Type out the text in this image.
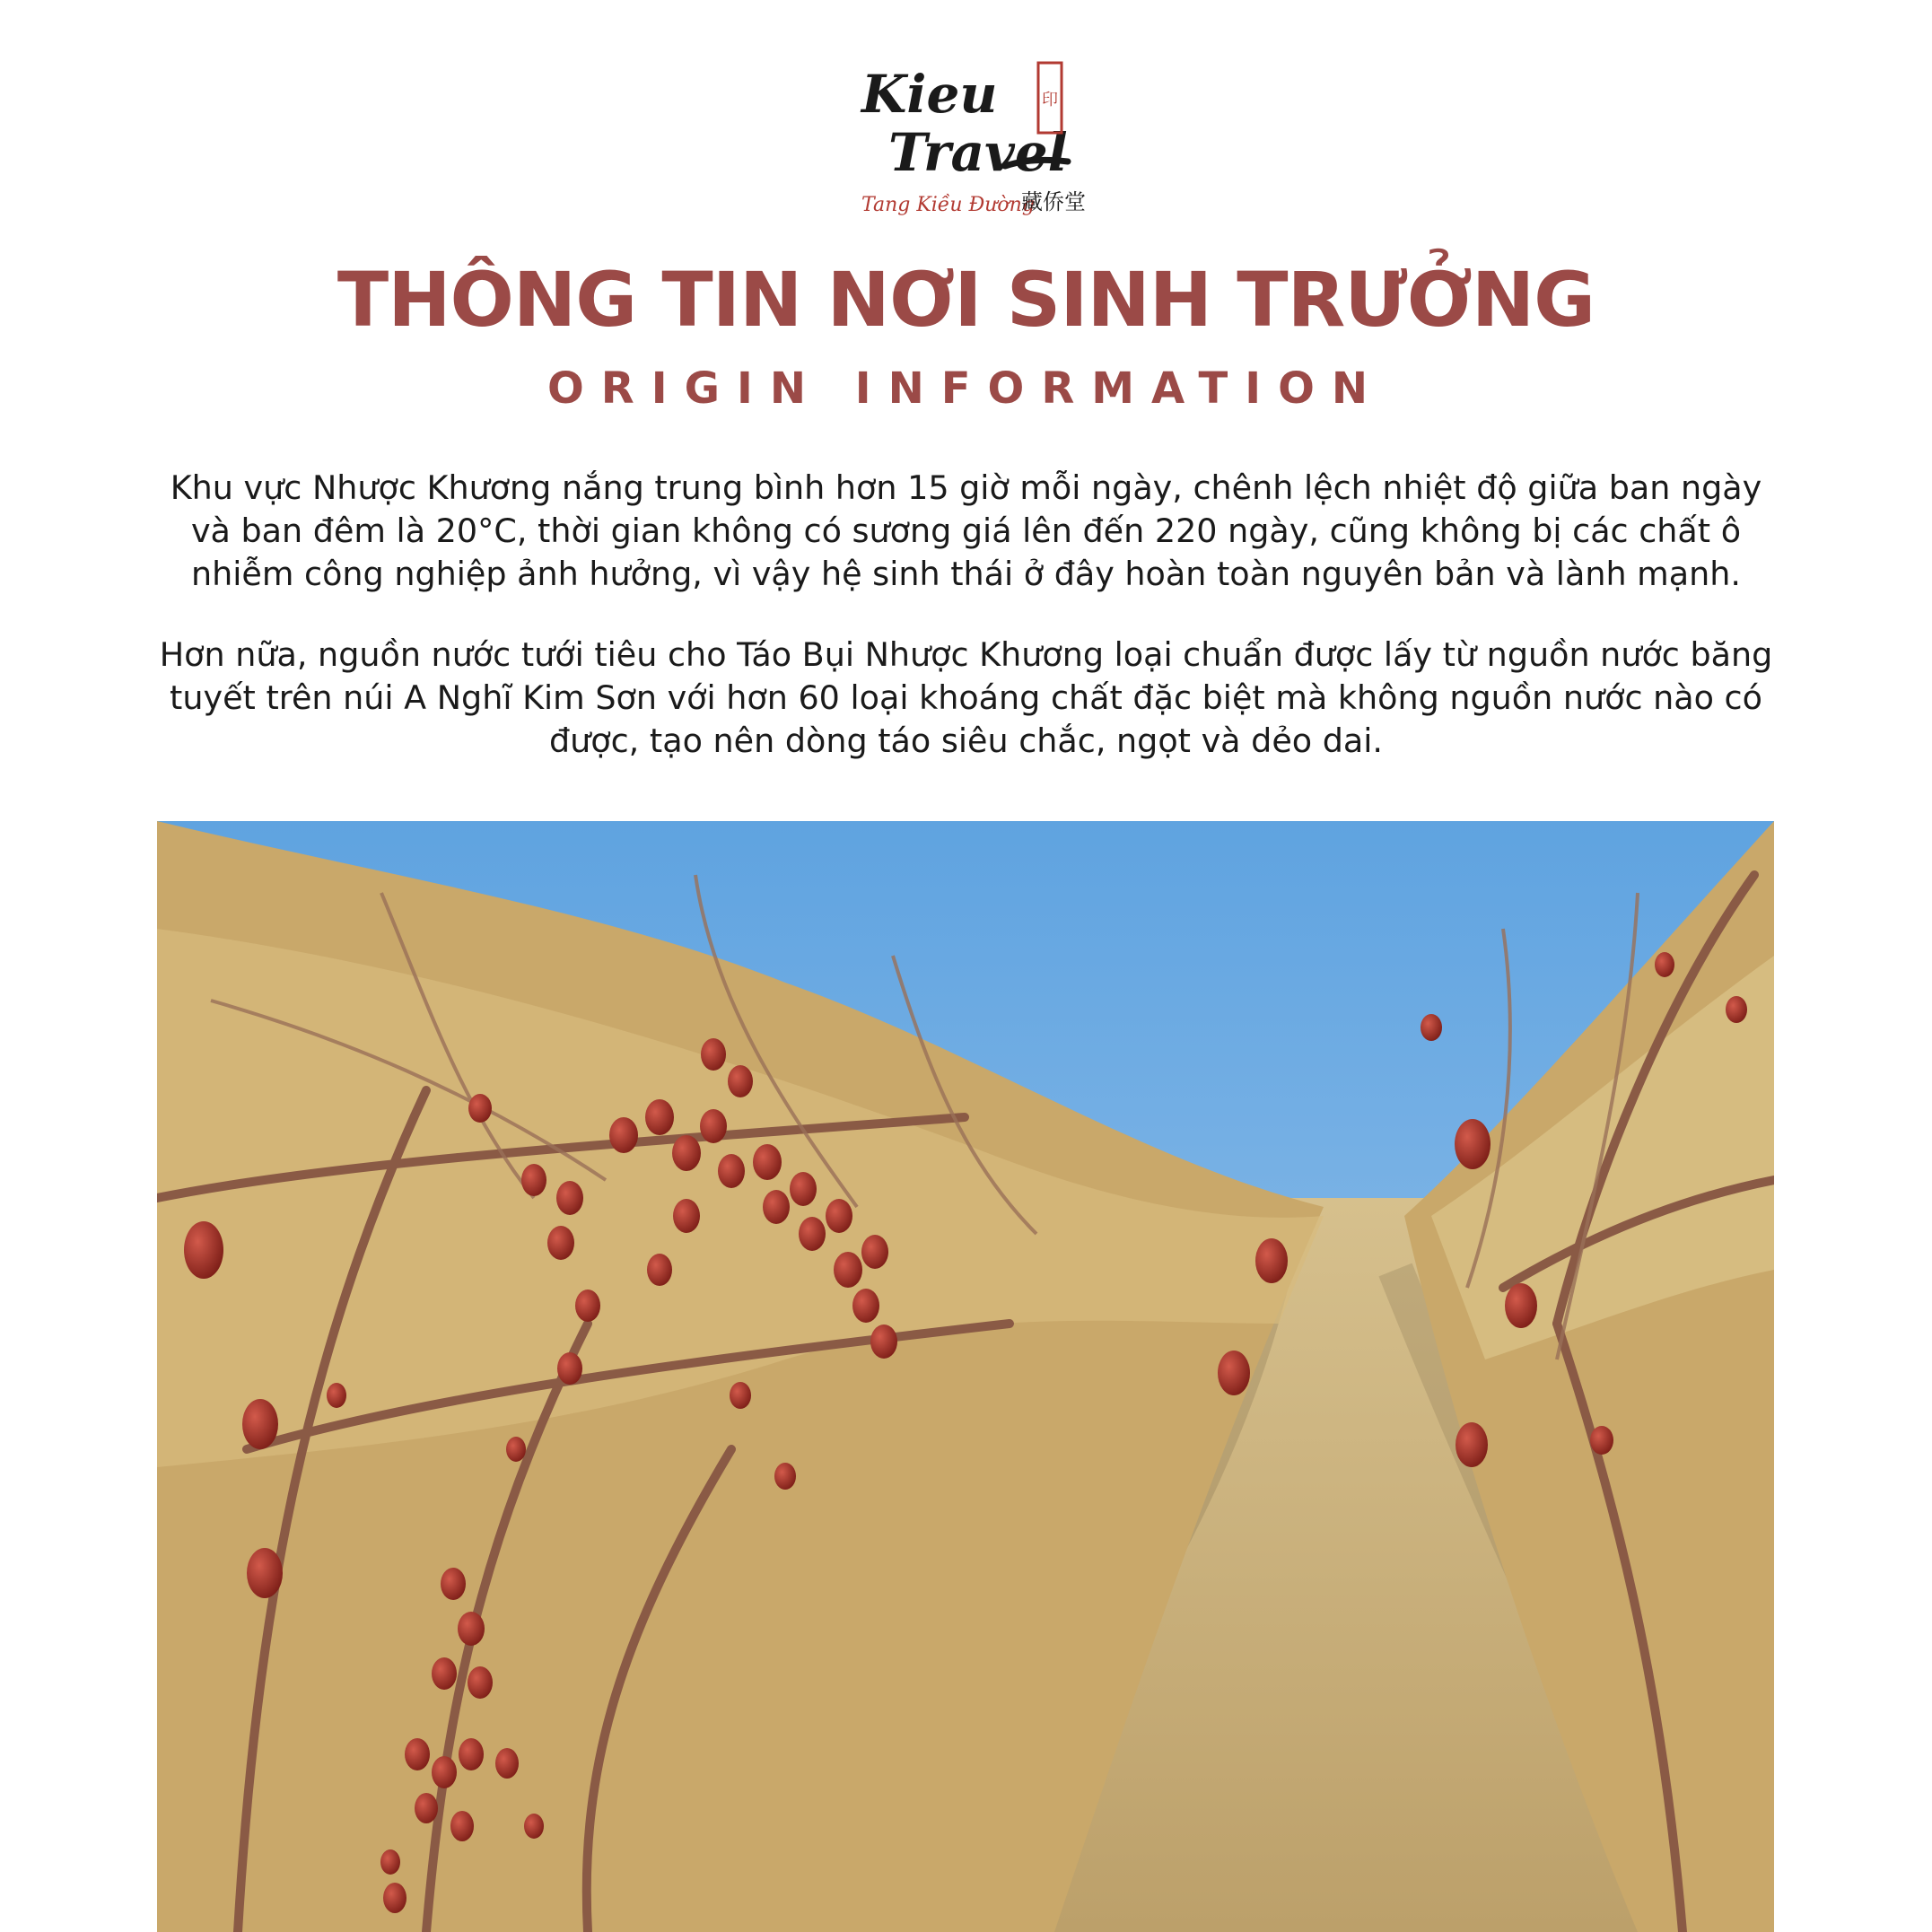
Kieu
Travel
印
Tang Kiều Đường
藏侨堂
THÔNG TIN NƠI SINH TRƯỞNG
ORIGIN INFORMATION

Khu vực Nhược Khương nắng trung bình hơn 15 giờ mỗi ngày, chênh lệch nhiệt độ giữa ban ngày và ban đêm là 20°C, thời gian không có sương giá lên đến 220 ngày, cũng không bị các chất ô nhiễm công nghiệp ảnh hưởng, vì vậy hệ sinh thái ở đây hoàn toàn nguyên bản và lành mạnh.

Hơn nữa, nguồn nước tưới tiêu cho Táo Bụi Nhược Khương loại chuẩn được lấy từ nguồn nước băng tuyết trên núi A Nghĩ Kim Sơn với hơn 60 loại khoáng chất đặc biệt mà không nguồn nước nào có được, tạo nên dòng táo siêu chắc, ngọt và dẻo dai.
